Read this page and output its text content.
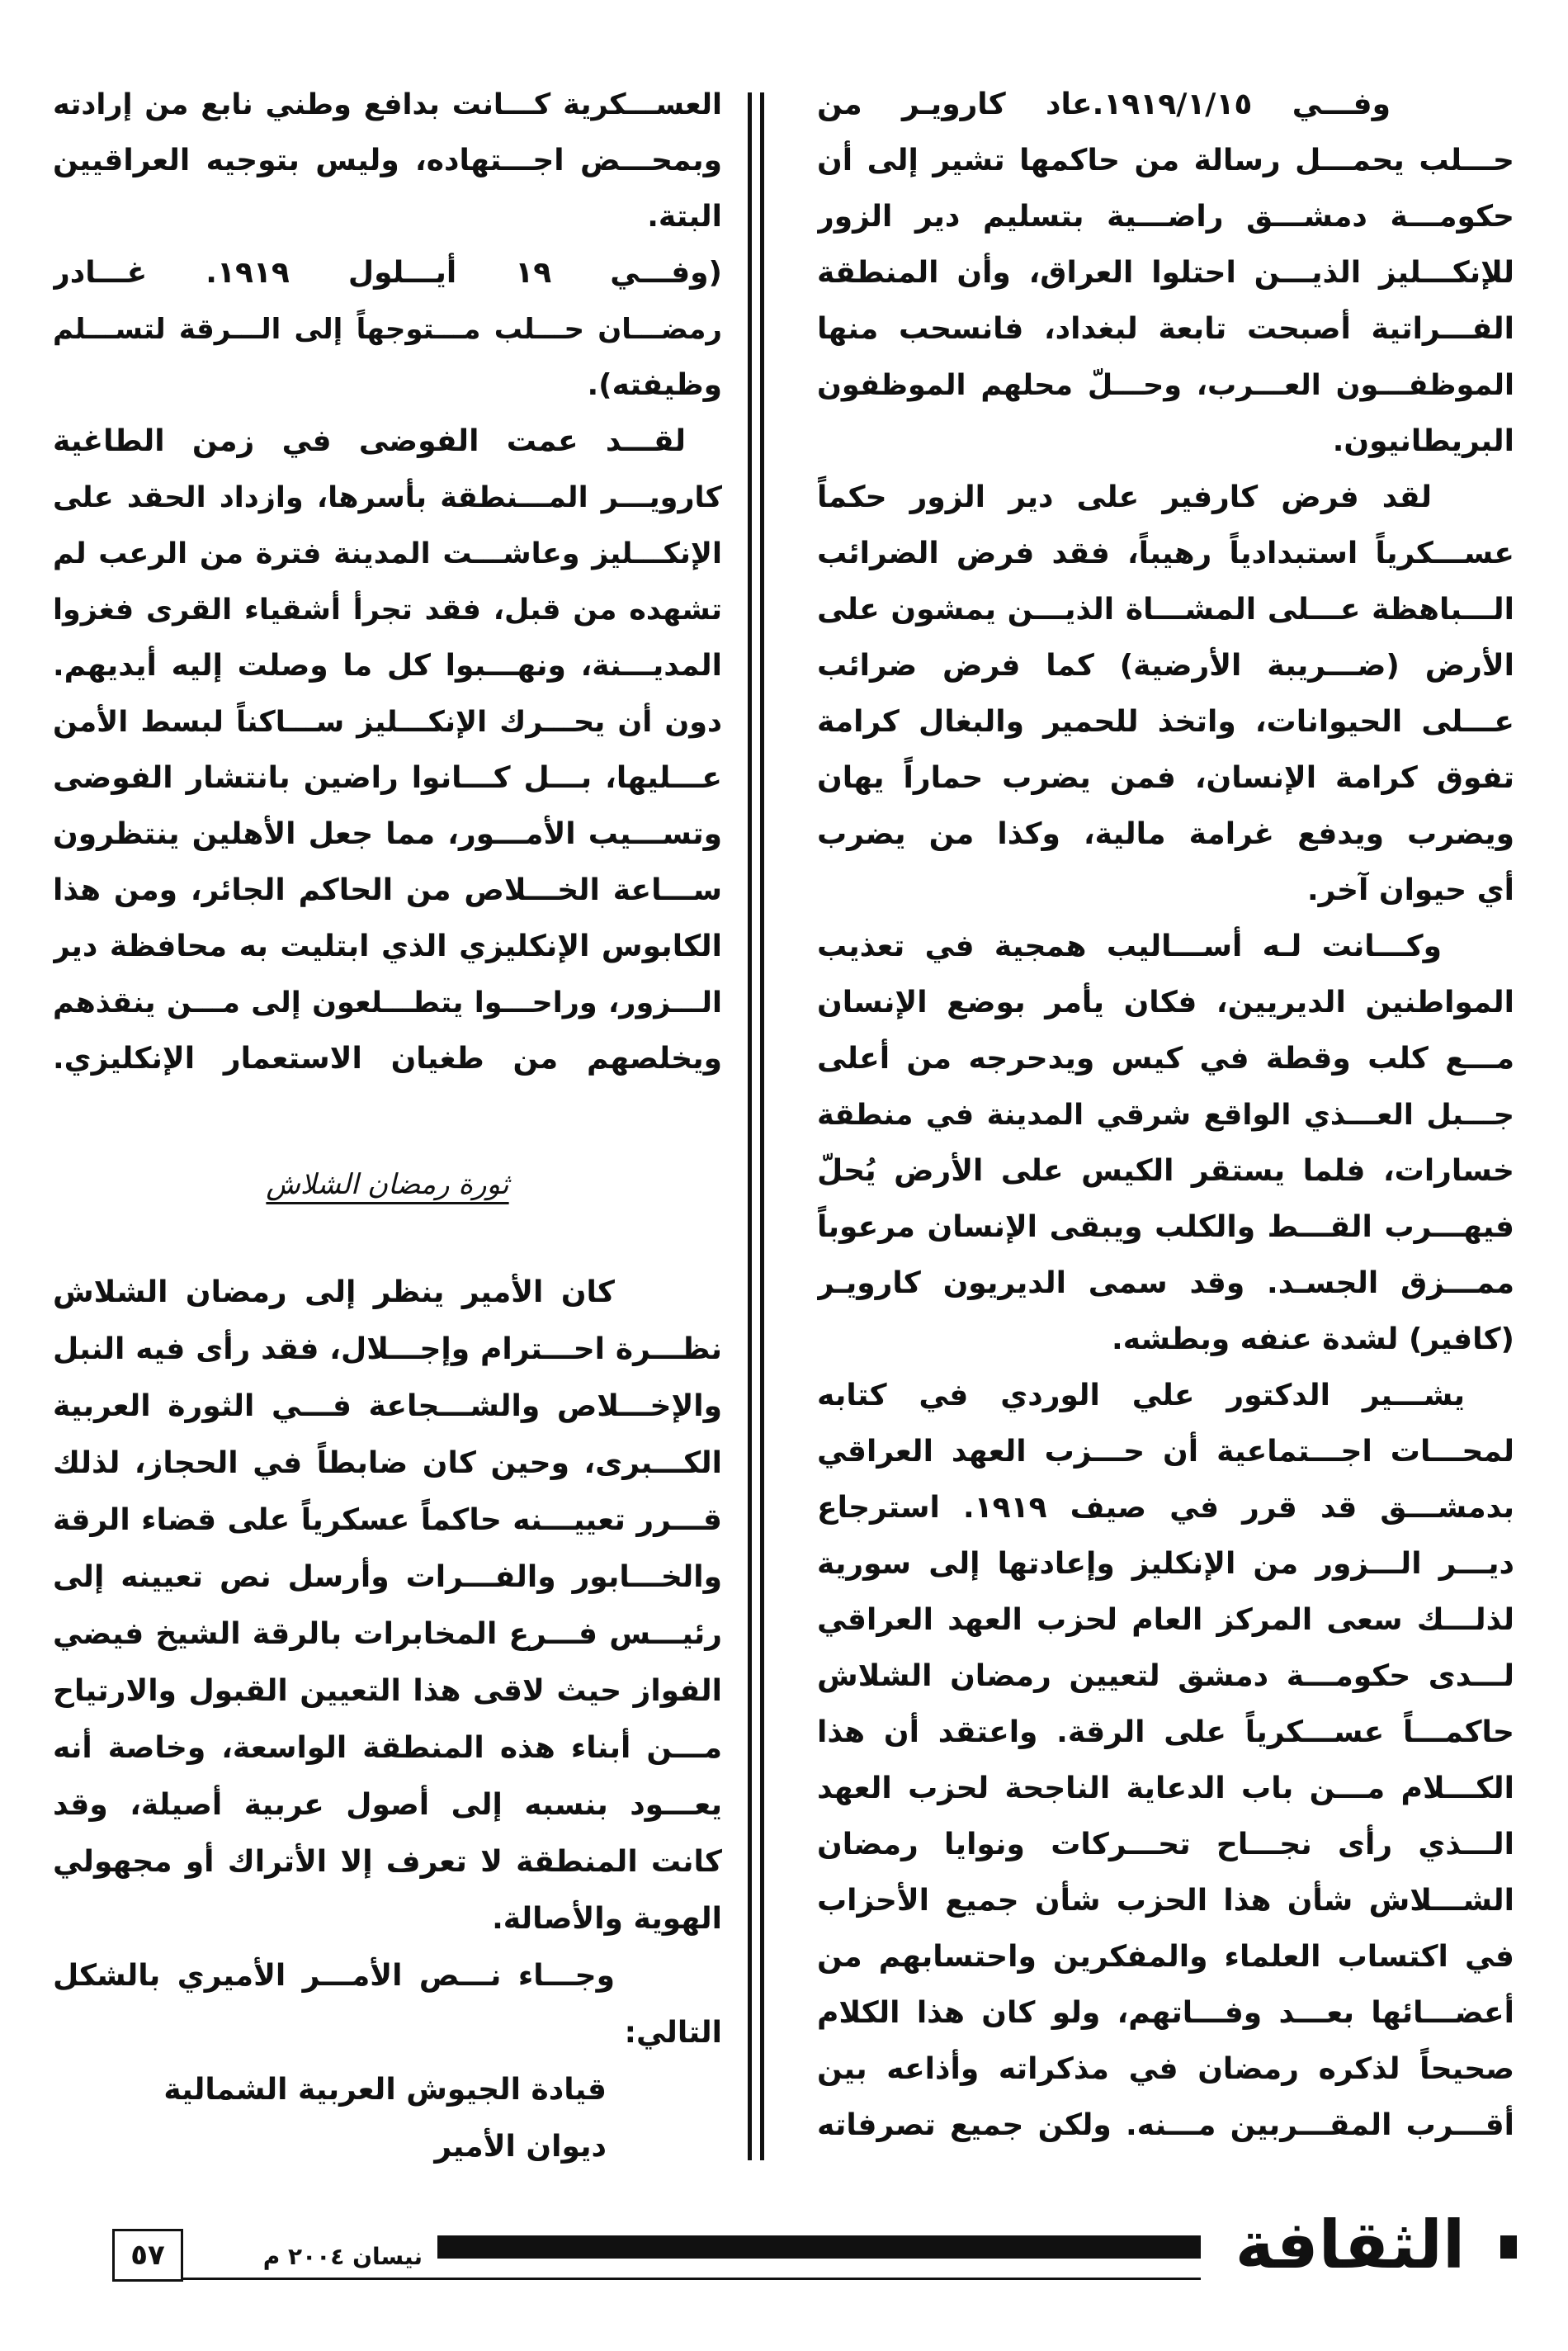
وفـــي ١٩١٩/١/١٥.عاد كارويـر من
حـــلب يحمـــل رسالة من حاكمها تشير إلى أن
حكومـــة دمشـــق راضـــية بتسليم دير الزور
للإنكـــليز الذيـــن احتلوا العراق، وأن المنطقة
الفـــراتية أصبحت تابعة لبغداد، فانسحب منها
الموظفـــون العـــرب، وحـــلّ محلهم الموظفون
البريطانيون.
لقد فرض كارفير على دير الزور حكماً
عســـكرياً استبدادياً رهيباً، فقد فرض الضرائب
الـــباهظة عـــلى المشـــاة الذيـــن يمشون على
الأرض (ضـــريبة الأرضية) كما فرض ضرائب
عـــلى الحيوانات، واتخذ للحمير والبغال كرامة
تفوق كرامة الإنسان، فمن يضرب حماراً يهان
ويضرب ويدفع غرامة مالية، وكذا من يضرب
أي حيوان آخر.
وكـــانت لـه أســـاليب همجية في تعذيب
المواطنين الديريين، فكان يأمر بوضع الإنسان
مـــع كلب وقطة في كيس ويدحرجه من أعلى
جـــبل العـــذي الواقع شرقي المدينة في منطقة
خسارات، فلما يستقر الكيس على الأرض يُحلّ
فيهـــرب القـــط والكلب ويبقى الإنسان مرعوباً
ممـــزق الجسـد. وقد سمى الديريون كارويـر
(كافير) لشدة عنفه وبطشه.
يشـــير الدكتور علي الوردي في كتابه
لمحـــات اجـــتماعية أن حـــزب العهد العراقي
بدمشـــق قد قرر في صيف ١٩١٩. استرجاع
ديـــر الـــزور من الإنكليز وإعادتها إلى سورية
لذلـــك سعى المركز العام لحزب العهد العراقي
لـــدى حكومـــة دمشق لتعيين رمضان الشلاش
حاكمـــاً عســـكرياً على الرقة. واعتقد أن هذا
الكـــلام مـــن باب الدعاية الناجحة لحزب العهد
الـــذي رأى نجـــاح تحـــركات ونوايا رمضان
الشـــلاش شأن هذا الحزب شأن جميع الأحزاب
في اكتساب العلماء والمفكرين واحتسابهم من
أعضـــائها بعـــد وفـــاتهم، ولو كان هذا الكلام
صحيحاً لذكره رمضان في مذكراته وأذاعه بين
أقـــرب المقـــربين مـــنه. ولكن جميع تصرفاته
العســـكرية كـــانت بدافع وطني نابع من إرادته
وبمحـــض اجـــتهاده، وليس بتوجيه العراقيين
البتة.
(وفـــي ١٩ أيـــلول ١٩١٩. غـــادر
رمضـــان حـــلب مـــتوجهاً إلى الـــرقة لتســـلم
وظيفته).
لقـــد عمت الفوضى في زمن الطاغية
كارويـــر المـــنطقة بأسرها، وازداد الحقد على
الإنكـــليز وعاشـــت المدينة فترة من الرعب لم
تشهده من قبل، فقد تجرأ أشقياء القرى فغزوا
المديـــنة، ونهـــبوا كل ما وصلت إليه أيديهم.
دون أن يحـــرك الإنكـــليز ســـاكناً لبسط الأمن
عـــليها، بـــل كـــانوا راضين بانتشار الفوضى
وتســـيب الأمـــور، مما جعل الأهلين ينتظرون
ســـاعة الخـــلاص من الحاكم الجائر، ومن هذا
الكابوس الإنكليزي الذي ابتليت به محافظة دير
الـــزور، وراحـــوا يتطـــلعون إلى مـــن ينقذهم
ويخلصهم من طغيان الاستعمار الإنكليزي.
ثورة رمضان الشلاش
كان الأمير ينظر إلى رمضان الشلاش
نظـــرة احـــترام وإجـــلال، فقد رأى فيه النبل
والإخـــلاص والشـــجاعة فـــي الثورة العربية
الكـــبرى، وحين كان ضابطاً في الحجاز، لذلك
قـــرر تعييـــنه حاكماً عسكرياً على قضاء الرقة
والخـــابور والفـــرات وأرسل نص تعيينه إلى
رئيـــس فـــرع المخابرات بالرقة الشيخ فيضي
الفواز حيث لاقى هذا التعيين القبول والارتياح
مـــن أبناء هذه المنطقة الواسعة، وخاصة أنه
يعـــود بنسبه إلى أصول عربية أصيلة، وقد
كانت المنطقة لا تعرف إلا الأتراك أو مجهولي
الهوية والأصالة.
وجـــاء نـــص الأمـــر الأميري بالشكل
التالي:
قيادة الجيوش العربية الشمالية
ديوان الأمير
٥٧	نيسان ٢٠٠٤ م	الثقافة
